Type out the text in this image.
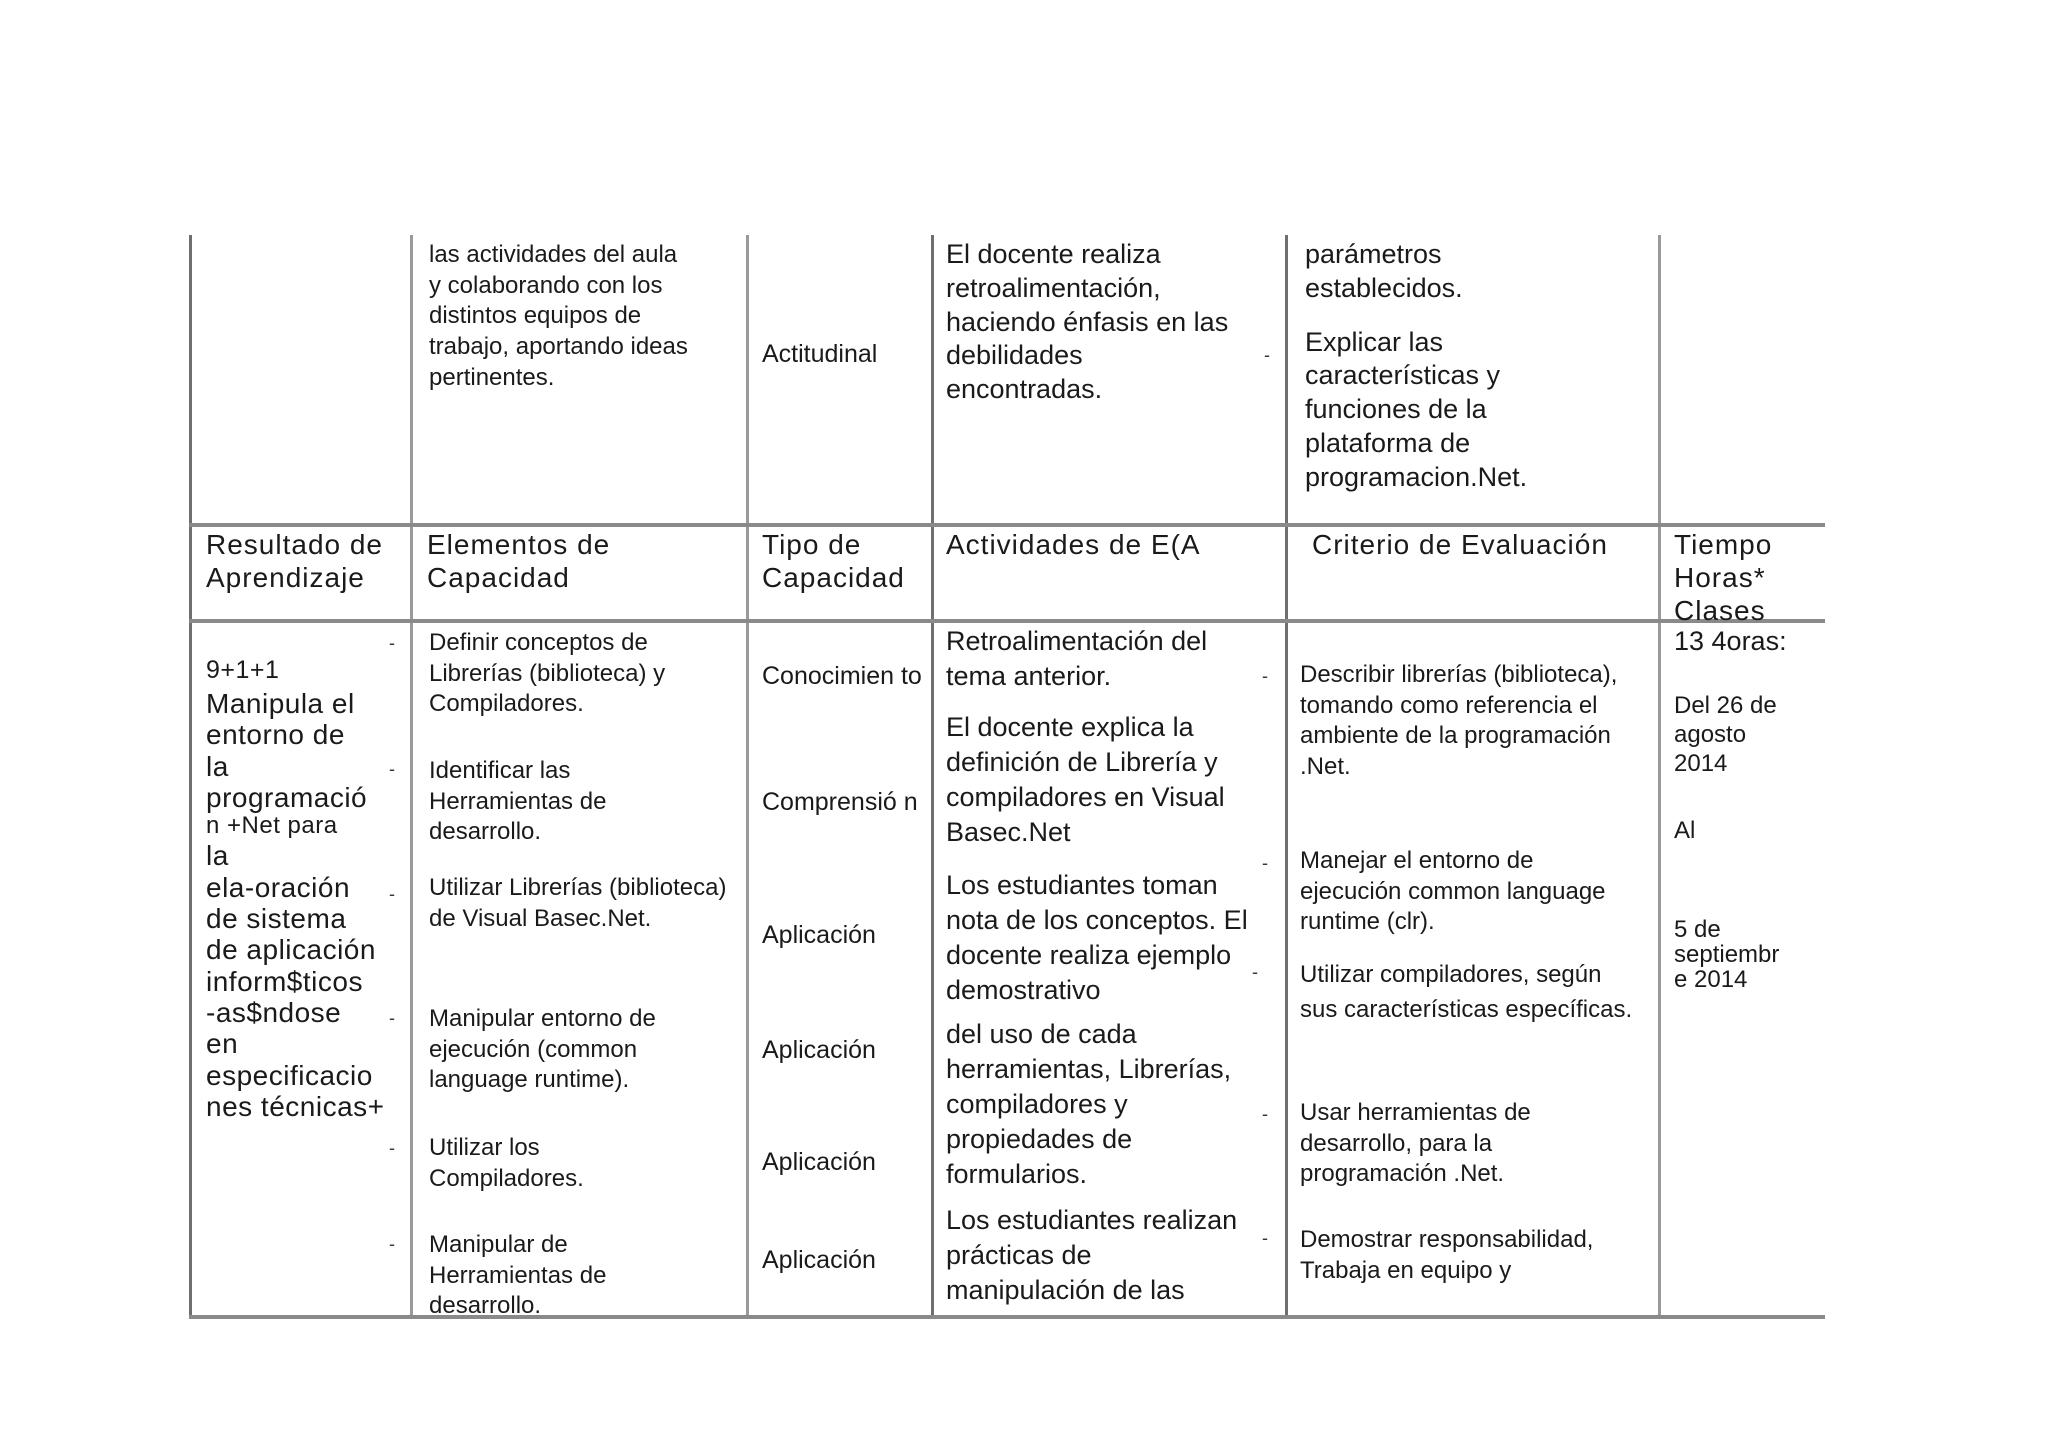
las actividades del aula y colaborando con los distintos equipos de trabajo, aportando ideas pertinentes.

Actitudinal

El docente realiza

retroalimentación,

haciendo énfasis en las

debilidades

encontradas.

parámetros

establecidos.

Explicar las

características y

funciones de la

plataforma de

programacion.Net.

Resultado de Aprendizaje

Elementos de Capacidad

Tipo de Capacidad

Actividades de E(A	Criterio de Evaluación	Tiempo Horas* Clases

9+1+1

Manipula el

entorno de

la

programació

n +Net para

la

ela-oración

de sistema

de aplicación

inform$ticos

-as$ndose

en

especificacio

nes técnicas+

Definir conceptos de Librerías (biblioteca) y Compiladores.

Identificar las Herramientas de desarrollo.

Utilizar Librerías (biblioteca) de Visual Basec.Net.

Manipular entorno de ejecución (common language runtime).

Utilizar los Compiladores.

Manipular de Herramientas de desarrollo.

Conocimien to

Comprensió n

Aplicación

Aplicación

Aplicación

Aplicación

Retroalimentación del tema anterior.

El docente explica la definición de Librería y compiladores en Visual Basec.Net

Los estudiantes toman nota de los conceptos. El docente realiza ejemplo demostrativo

del uso de cada herramientas, Librerías, compiladores y propiedades de formularios.

Los estudiantes realizan prácticas de manipulación de las

Describir librerías (biblioteca), tomando como referencia el ambiente de la programación .Net.

Manejar el entorno de ejecución common language runtime (clr).

Utilizar compiladores, según sus características específicas.

Usar herramientas de desarrollo, para la programación .Net.

Demostrar responsabilidad, Trabaja en equipo y

13 4oras:

Del 26 de agosto 2014

Al

5 de septiembr e 2014

-
-
-
-
-
-
-
-
-
-
-
-
